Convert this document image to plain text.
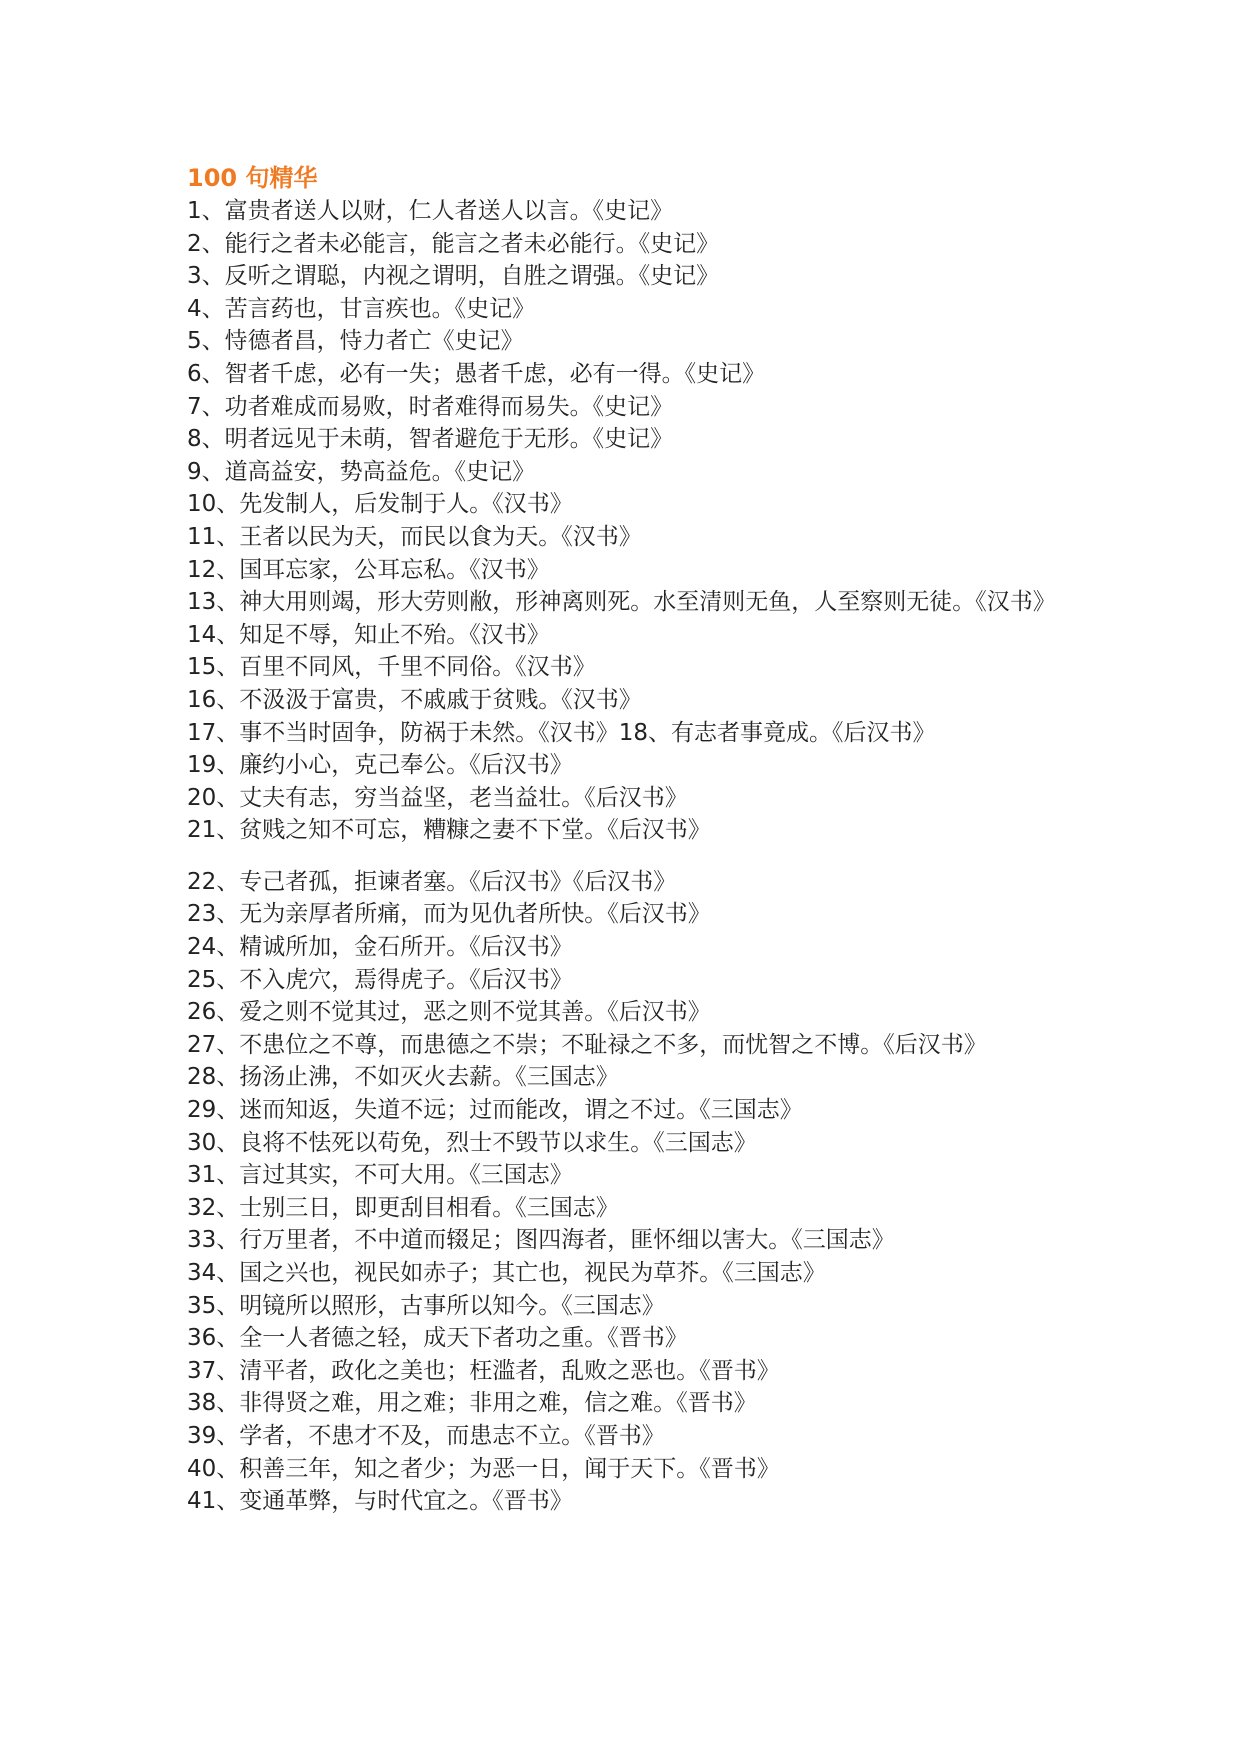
100 句精华
1、富贵者送人以财，仁人者送人以言。《史记》
2、能行之者未必能言，能言之者未必能行。《史记》
3、反听之谓聪，内视之谓明，自胜之谓强。《史记》
4、苦言药也，甘言疾也。《史记》
5、恃德者昌，恃力者亡《史记》
6、智者千虑，必有一失；愚者千虑，必有一得。《史记》
7、功者难成而易败，时者难得而易失。《史记》
8、明者远见于未萌，智者避危于无形。《史记》
9、道高益安，势高益危。《史记》
10、先发制人，后发制于人。《汉书》
11、王者以民为天，而民以食为天。《汉书》
12、国耳忘家，公耳忘私。《汉书》
13、神大用则竭，形大劳则敝，形神离则死。水至清则无鱼，人至察则无徒。《汉书》
14、知足不辱，知止不殆。《汉书》
15、百里不同风，千里不同俗。《汉书》
16、不汲汲于富贵，不戚戚于贫贱。《汉书》
17、事不当时固争，防祸于未然。《汉书》18、有志者事竟成。《后汉书》
19、廉约小心，克己奉公。《后汉书》
20、丈夫有志，穷当益坚，老当益壮。《后汉书》
21、贫贱之知不可忘，糟糠之妻不下堂。《后汉书》
22、专己者孤，拒谏者塞。《后汉书》《后汉书》
23、无为亲厚者所痛，而为见仇者所快。《后汉书》
24、精诚所加，金石所开。《后汉书》
25、不入虎穴，焉得虎子。《后汉书》
26、爱之则不觉其过，恶之则不觉其善。《后汉书》
27、不患位之不尊，而患德之不崇；不耻禄之不多，而忧智之不博。《后汉书》
28、扬汤止沸，不如灭火去薪。《三国志》
29、迷而知返，失道不远；过而能改，谓之不过。《三国志》
30、良将不怯死以苟免，烈士不毁节以求生。《三国志》
31、言过其实，不可大用。《三国志》
32、士别三日，即更刮目相看。《三国志》
33、行万里者，不中道而辍足；图四海者，匪怀细以害大。《三国志》
34、国之兴也，视民如赤子；其亡也，视民为草芥。《三国志》
35、明镜所以照形，古事所以知今。《三国志》
36、全一人者德之轻，成天下者功之重。《晋书》
37、清平者，政化之美也；枉滥者，乱败之恶也。《晋书》
38、非得贤之难，用之难；非用之难，信之难。《晋书》
39、学者，不患才不及，而患志不立。《晋书》
40、积善三年，知之者少；为恶一日，闻于天下。《晋书》
41、变通革弊，与时代宜之。《晋书》
